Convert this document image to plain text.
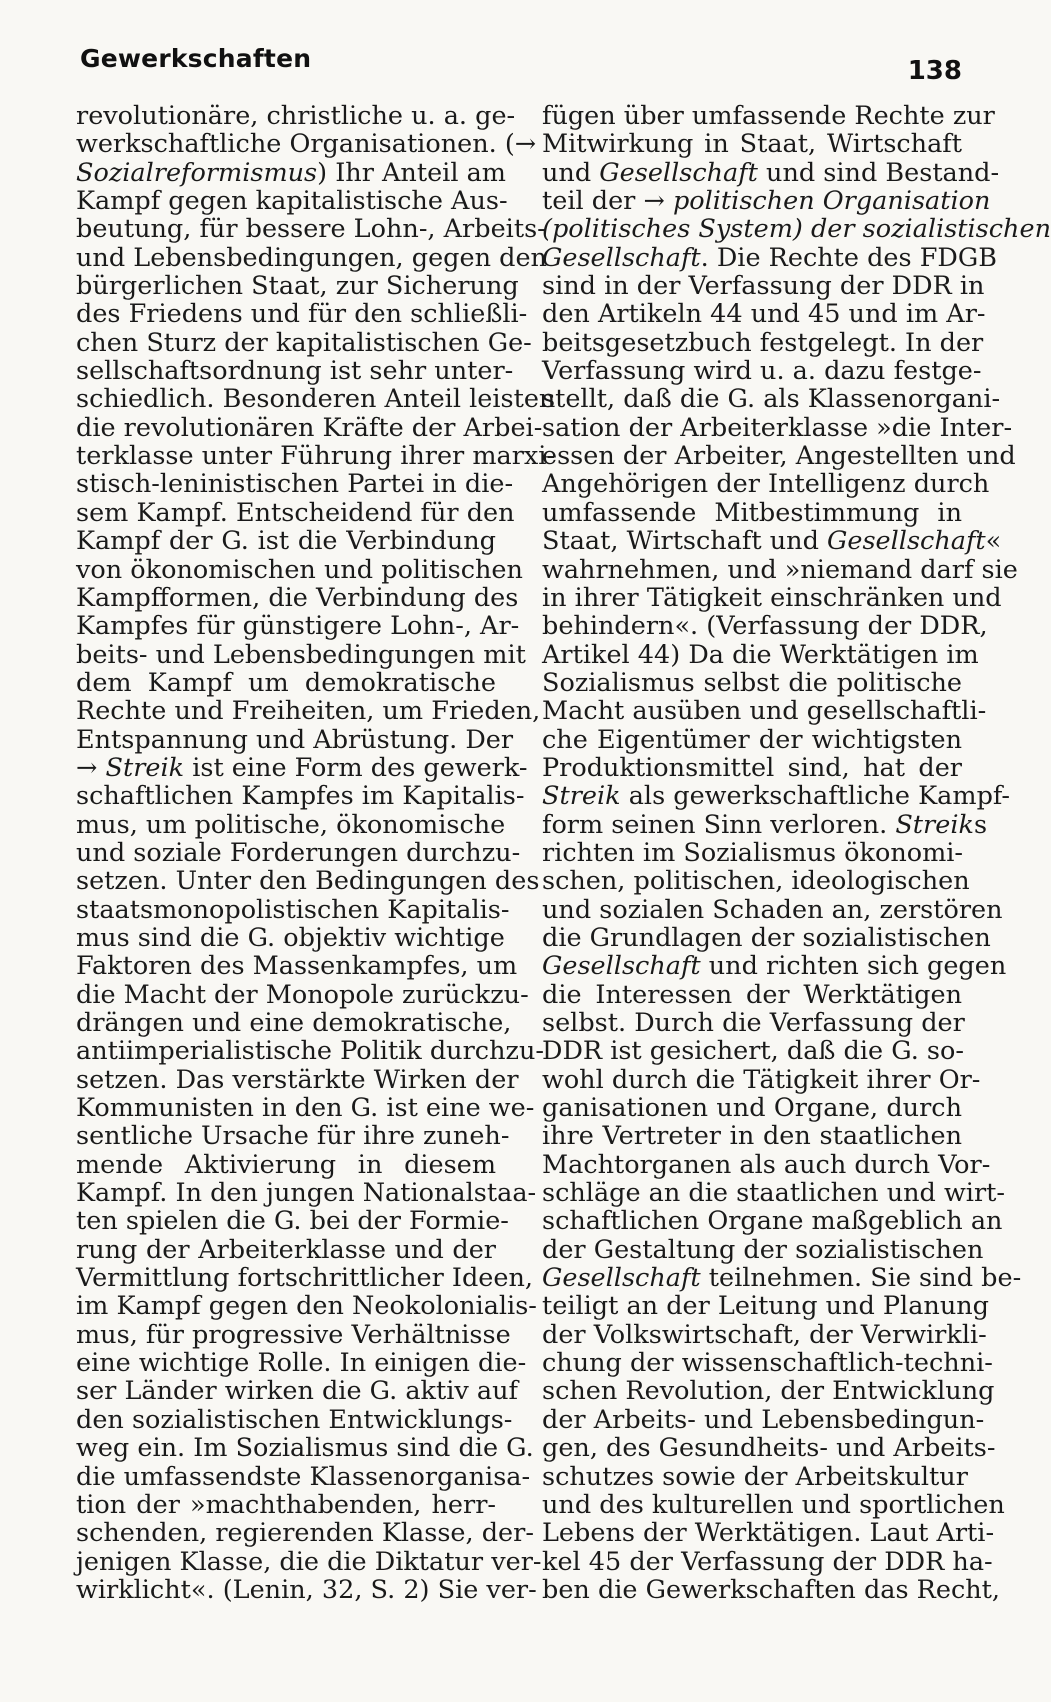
Gewerkschaften	138
revolutionäre, christliche u. a. ge-
werkschaftliche Organisationen. (→
Sozialreformismus) Ihr Anteil am
Kampf gegen kapitalistische Aus-
beutung, für bessere Lohn-, Arbeits-
und Lebensbedingungen, gegen den
bürgerlichen Staat, zur Sicherung
des Friedens und für den schließli-
chen Sturz der kapitalistischen Ge-
sellschaftsordnung ist sehr unter-
schiedlich. Besonderen Anteil leisten
die revolutionären Kräfte der Arbei-
terklasse unter Führung ihrer marxi-
stisch-leninistischen Partei in die-
sem Kampf. Entscheidend für den
Kampf der G. ist die Verbindung
von ökonomischen und politischen
Kampfformen, die Verbindung des
Kampfes für günstigere Lohn-, Ar-
beits- und Lebensbedingungen mit
dem Kampf um demokratische
Rechte und Freiheiten, um Frieden,
Entspannung und Abrüstung. Der
→ Streik ist eine Form des gewerk-
schaftlichen Kampfes im Kapitalis-
mus, um politische, ökonomische
und soziale Forderungen durchzu-
setzen. Unter den Bedingungen des
staatsmonopolistischen Kapitalis-
mus sind die G. objektiv wichtige
Faktoren des Massenkampfes, um
die Macht der Monopole zurückzu-
drängen und eine demokratische,
antiimperialistische Politik durchzu-
setzen. Das verstärkte Wirken der
Kommunisten in den G. ist eine we-
sentliche Ursache für ihre zuneh-
mende Aktivierung in diesem
Kampf. In den jungen Nationalstaa-
ten spielen die G. bei der Formie-
rung der Arbeiterklasse und der
Vermittlung fortschrittlicher Ideen,
im Kampf gegen den Neokolonialis-
mus, für progressive Verhältnisse
eine wichtige Rolle. In einigen die-
ser Länder wirken die G. aktiv auf
den sozialistischen Entwicklungs-
weg ein. Im Sozialismus sind die G.
die umfassendste Klassenorganisa-
tion der »machthabenden, herr-
schenden, regierenden Klasse, der-
jenigen Klasse, die die Diktatur ver-
wirklicht«. (Lenin, 32, S. 2) Sie ver-
fügen über umfassende Rechte zur
Mitwirkung in Staat, Wirtschaft
und Gesellschaft und sind Bestand-
teil der → politischen Organisation
(politisches System) der sozialistischen
Gesellschaft. Die Rechte des FDGB
sind in der Verfassung der DDR in
den Artikeln 44 und 45 und im Ar-
beitsgesetzbuch festgelegt. In der
Verfassung wird u. a. dazu festge-
stellt, daß die G. als Klassenorgani-
sation der Arbeiterklasse »die Inter-
essen der Arbeiter, Angestellten und
Angehörigen der Intelligenz durch
umfassende Mitbestimmung in
Staat, Wirtschaft und Gesellschaft«
wahrnehmen, und »niemand darf sie
in ihrer Tätigkeit einschränken und
behindern«. (Verfassung der DDR,
Artikel 44) Da die Werktätigen im
Sozialismus selbst die politische
Macht ausüben und gesellschaftli-
che Eigentümer der wichtigsten
Produktionsmittel sind, hat der
Streik als gewerkschaftliche Kampf-
form seinen Sinn verloren. Streiks
richten im Sozialismus ökonomi-
schen, politischen, ideologischen
und sozialen Schaden an, zerstören
die Grundlagen der sozialistischen
Gesellschaft und richten sich gegen
die Interessen der Werktätigen
selbst. Durch die Verfassung der
DDR ist gesichert, daß die G. so-
wohl durch die Tätigkeit ihrer Or-
ganisationen und Organe, durch
ihre Vertreter in den staatlichen
Machtorganen als auch durch Vor-
schläge an die staatlichen und wirt-
schaftlichen Organe maßgeblich an
der Gestaltung der sozialistischen
Gesellschaft teilnehmen. Sie sind be-
teiligt an der Leitung und Planung
der Volkswirtschaft, der Verwirkli-
chung der wissenschaftlich-techni-
schen Revolution, der Entwicklung
der Arbeits- und Lebensbedingun-
gen, des Gesundheits- und Arbeits-
schutzes sowie der Arbeitskultur
und des kulturellen und sportlichen
Lebens der Werktätigen. Laut Arti-
kel 45 der Verfassung der DDR ha-
ben die Gewerkschaften das Recht,
